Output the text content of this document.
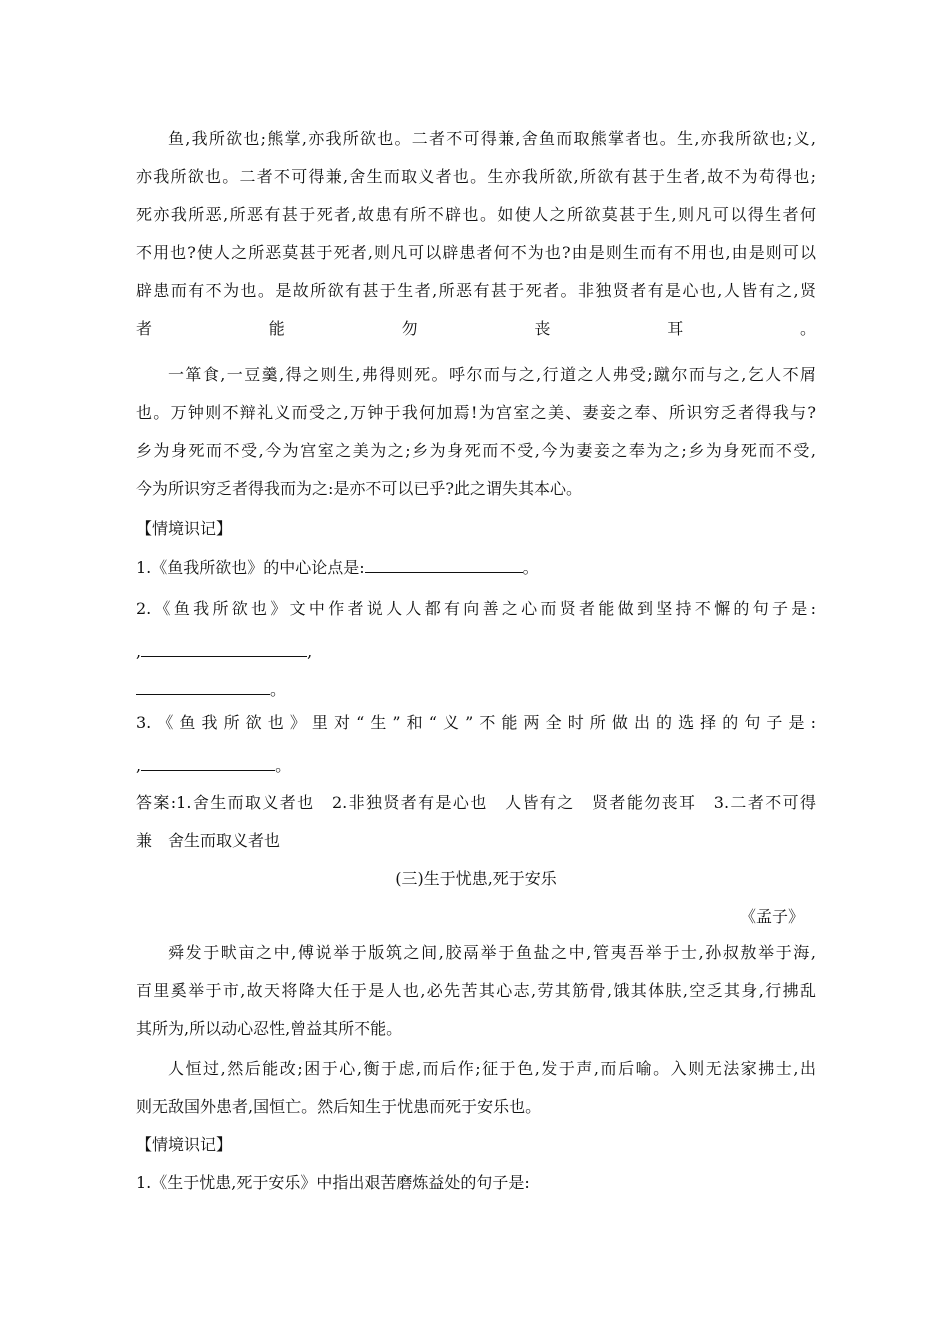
鱼,我所欲也;熊掌,亦我所欲也。二者不可得兼,舍鱼而取熊掌者也。生,亦我所欲也;义,
亦我所欲也。二者不可得兼,舍生而取义者也。生亦我所欲,所欲有甚于生者,故不为苟得也;
死亦我所恶,所恶有甚于死者,故患有所不辟也。如使人之所欲莫甚于生,则凡可以得生者何
不用也?使人之所恶莫甚于死者,则凡可以辟患者何不为也?由是则生而有不用也,由是则可以
辟患而有不为也。是故所欲有甚于生者,所恶有甚于死者。非独贤者有是心也,人皆有之,贤
者能勿丧耳。
一箪食,一豆羹,得之则生,弗得则死。呼尔而与之,行道之人弗受;蹴尔而与之,乞人不屑
也。万钟则不辩礼义而受之,万钟于我何加焉!为宫室之美、妻妾之奉、所识穷乏者得我与?
乡为身死而不受,今为宫室之美为之;乡为身死而不受,今为妻妾之奉为之;乡为身死而不受,
今为所识穷乏者得我而为之:是亦不可以已乎?此之谓失其本心。
【情境识记】
1.《鱼我所欲也》的中心论点是:	。
2.《鱼我所欲也》文中作者说人人都有向善之心而贤者能做到坚持不懈的句子是:
,	,
。
3.《鱼我所欲也》里对“生”和“义”不能两全时所做出的选择的句子是:
,	。
答案:1.舍生而取义者也　2.非独贤者有是心也　人皆有之　贤者能勿丧耳　3.二者不可得
兼　舍生而取义者也
(三)生于忧患,死于安乐
《孟子》
舜发于畎亩之中,傅说举于版筑之间,胶鬲举于鱼盐之中,管夷吾举于士,孙叔敖举于海,
百里奚举于市,故天将降大任于是人也,必先苦其心志,劳其筋骨,饿其体肤,空乏其身,行拂乱
其所为,所以动心忍性,曾益其所不能。
人恒过,然后能改;困于心,衡于虑,而后作;征于色,发于声,而后喻。入则无法家拂士,出
则无敌国外患者,国恒亡。然后知生于忧患而死于安乐也。
【情境识记】
1.《生于忧患,死于安乐》中指出艰苦磨炼益处的句子是:
